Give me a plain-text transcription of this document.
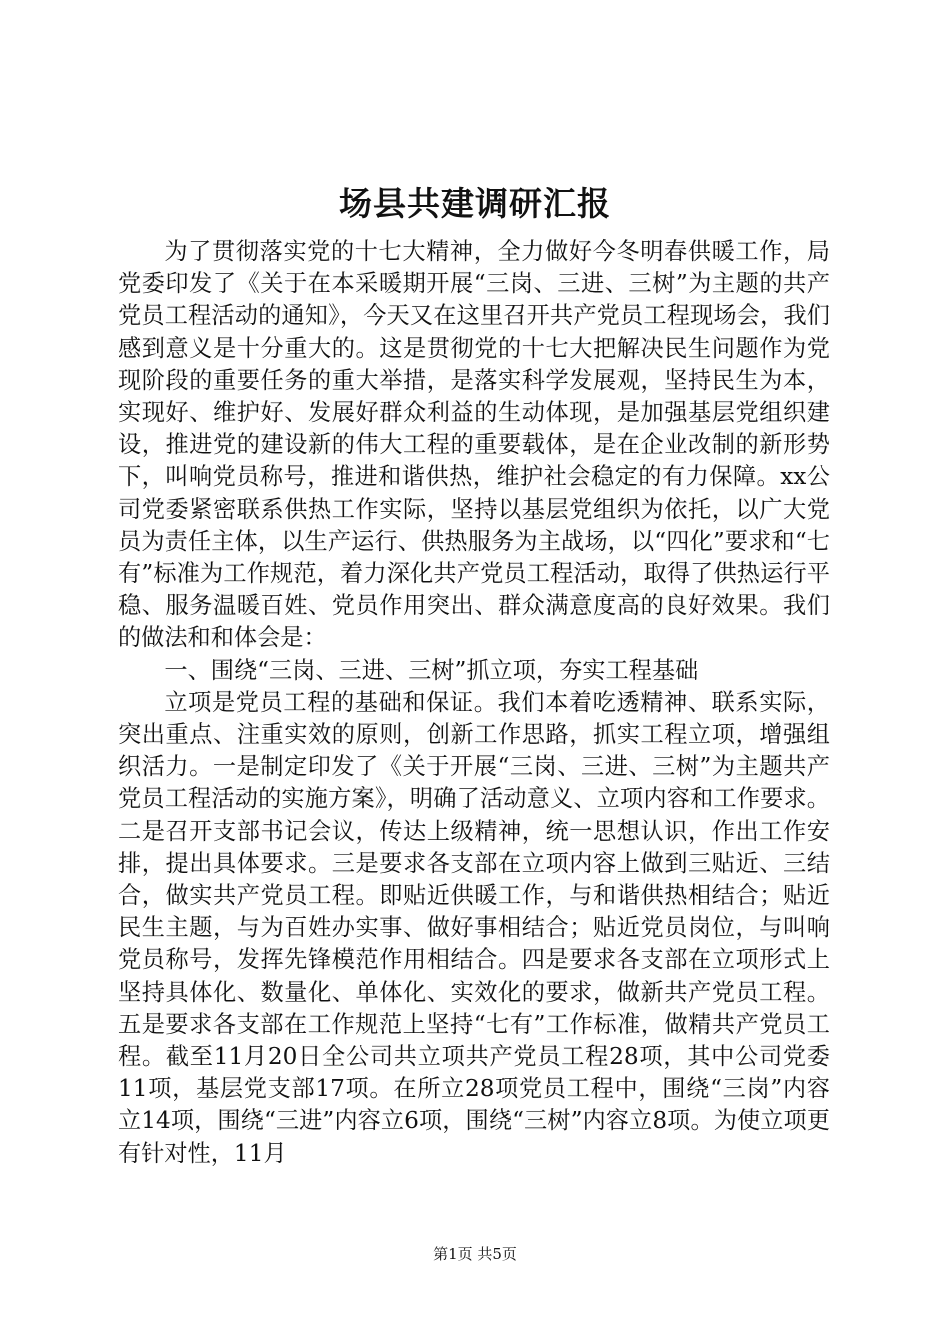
场县共建调研汇报

为了贯彻落实党的十七大精神，全力做好今冬明春供暖工作，局党委印发了《关于在本采暖期开展“三岗、三进、三树”为主题的共产党员工程活动的通知》，今天又在这里召开共产党员工程现场会，我们感到意义是十分重大的。这是贯彻党的十七大把解决民生问题作为党现阶段的重要任务的重大举措，是落实科学发展观，坚持民生为本，实现好、维护好、发展好群众利益的生动体现，是加强基层党组织建设，推进党的建设新的伟大工程的重要载体，是在企业改制的新形势下，叫响党员称号，推进和谐供热，维护社会稳定的有力保障。xx公司党委紧密联系供热工作实际，坚持以基层党组织为依托，以广大党员为责任主体，以生产运行、供热服务为主战场，以“四化”要求和“七有”标准为工作规范，着力深化共产党员工程活动，取得了供热运行平稳、服务温暖百姓、党员作用突出、群众满意度高的良好效果。我们的做法和和体会是：

一、围绕“三岗、三进、三树”抓立项，夯实工程基础

立项是党员工程的基础和保证。我们本着吃透精神、联系实际，突出重点、注重实效的原则，创新工作思路，抓实工程立项，增强组织活力。一是制定印发了《关于开展“三岗、三进、三树”为主题共产党员工程活动的实施方案》，明确了活动意义、立项内容和工作要求。二是召开支部书记会议，传达上级精神，统一思想认识，作出工作安排，提出具体要求。三是要求各支部在立项内容上做到三贴近、三结合，做实共产党员工程。即贴近供暖工作，与和谐供热相结合；贴近民生主题，与为百姓办实事、做好事相结合；贴近党员岗位，与叫响党员称号，发挥先锋模范作用相结合。四是要求各支部在立项形式上坚持具体化、数量化、单体化、实效化的要求，做新共产党员工程。五是要求各支部在工作规范上坚持“七有”工作标准，做精共产党员工程。截至11月20日全公司共立项共产党员工程28项，其中公司党委11项，基层党支部17项。在所立28项党员工程中，围绕“三岗”内容立14项，围绕“三进”内容立6项，围绕“三树”内容立8项。为使立项更有针对性，11月

第1页 共5页
